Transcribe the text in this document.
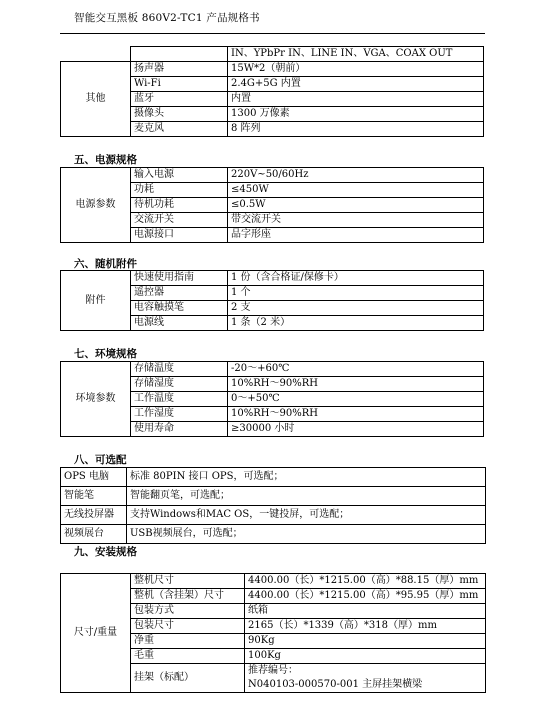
智能交互黑板 860V2-TC1 产品规格书
		IN、YPbPr IN、LINE IN、VGA、COAX OUT
其他	扬声器	15W*2（朝前）
	Wi-Fi	2.4G+5G 内置
	蓝牙	内置
	摄像头	1300 万像素
	麦克风	8 阵列
五、电源规格
电源参数	输入电源	220V~50/60Hz
	功耗	≤450W
	待机功耗	≤0.5W
	交流开关	带交流开关
	电源接口	品字形座
六、随机附件
附件	快速使用指南	1 份（含合格证/保修卡）
	遥控器	1 个
	电容触摸笔	2 支
	电源线	1 条（2 米）
七、环境规格
环境参数	存储温度	-20～+60℃
	存储湿度	10%RH～90%RH
	工作温度	0～+50℃
	工作湿度	10%RH～90%RH
	使用寿命	≥30000 小时
八、可选配
OPS 电脑	标准 80PIN 接口 OPS，可选配；
智能笔	智能翻页笔，可选配；
无线投屏器	支持Windows和MAC OS，一键投屏，可选配；
视频展台	USB视频展台，可选配；
九、安装规格
尺寸/重量	整机尺寸	4400.00（长）*1215.00（高）*88.15（厚）mm
	整机（含挂架）尺寸	4400.00（长）*1215.00（高）*95.95（厚）mm
	包装方式	纸箱
	包装尺寸	2165（长）*1339（高）*318（厚）mm
	净重	90Kg
	毛重	100Kg
	挂架（标配）	推荐编号：
N040103-000570-001 主屏挂架横梁
